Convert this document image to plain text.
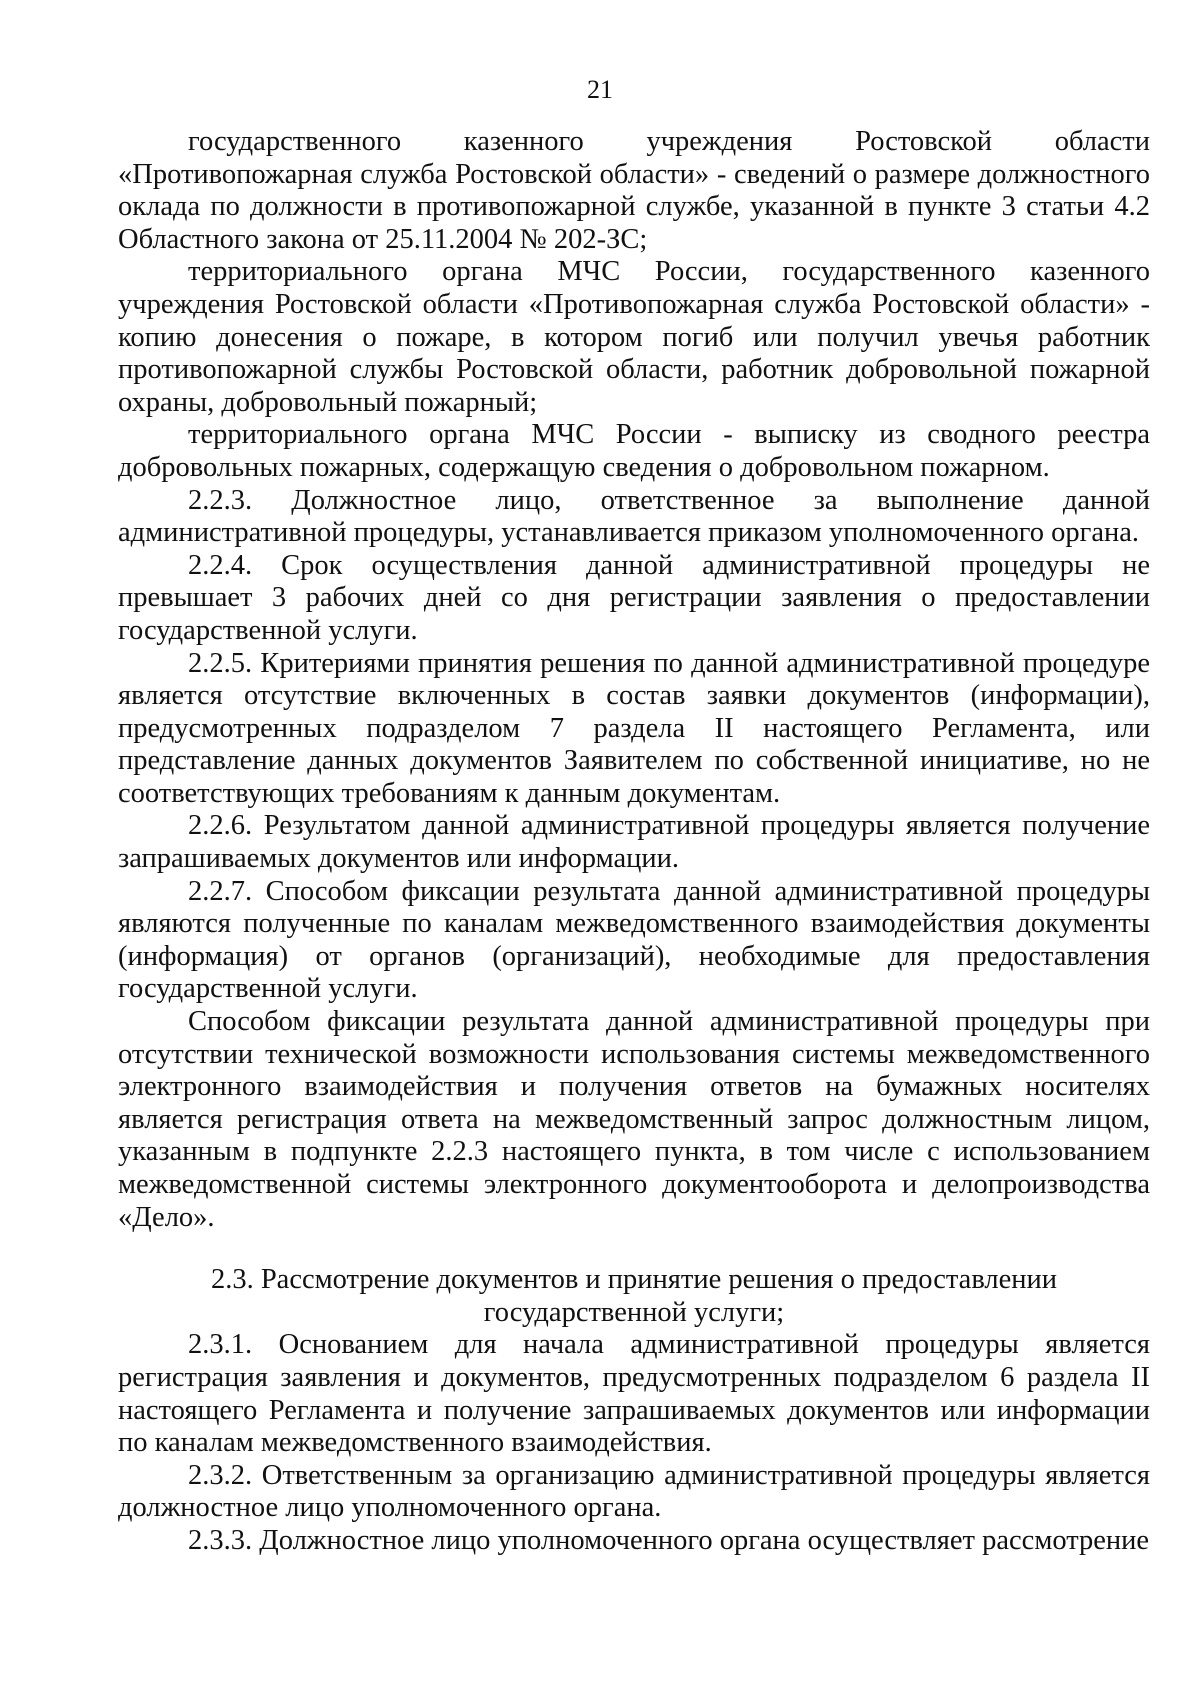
21

государственного казенного учреждения Ростовской области «Противопожарная служба Ростовской области» - сведений о размере должностного оклада по должности в противопожарной службе, указанной в пункте 3 статьи 4.2 Областного закона от 25.11.2004 № 202-ЗС;

территориального органа МЧС России, государственного казенного учреждения Ростовской области «Противопожарная служба Ростовской области» - копию донесения о пожаре, в котором погиб или получил увечья работник противопожарной службы Ростовской области, работник добровольной пожарной охраны, добровольный пожарный;

территориального органа МЧС России - выписку из сводного реестра добровольных пожарных, содержащую сведения о добровольном пожарном.

2.2.3. Должностное лицо, ответственное за выполнение данной административной процедуры, устанавливается приказом уполномоченного органа.

2.2.4. Срок осуществления данной административной процедуры не превышает 3 рабочих дней со дня регистрации заявления о предоставлении государственной услуги.

2.2.5. Критериями принятия решения по данной административной процедуре является отсутствие включенных в состав заявки документов (информации), предусмотренных подразделом 7 раздела II настоящего Регламента, или представление данных документов Заявителем по собственной инициативе, но не соответствующих требованиям к данным документам.

2.2.6. Результатом данной административной процедуры является получение запрашиваемых документов или информации.

2.2.7. Способом фиксации результата данной административной процедуры являются полученные по каналам межведомственного взаимодействия документы (информация) от органов (организаций), необходимые для предоставления государственной услуги.

Способом фиксации результата данной административной процедуры при отсутствии технической возможности использования системы межведомственного электронного взаимодействия и получения ответов на бумажных носителях является регистрация ответа на межведомственный запрос должностным лицом, указанным в подпункте 2.2.3 настоящего пункта, в том числе с использованием межведомственной системы электронного документооборота и делопроизводства «Дело».

2.3. Рассмотрение документов и принятие решения о предоставлении
государственной услуги;

2.3.1. Основанием для начала административной процедуры является регистрация заявления и документов, предусмотренных подразделом 6 раздела II настоящего Регламента и получение запрашиваемых документов или информации по каналам межведомственного взаимодействия.

2.3.2. Ответственным за организацию административной процедуры является должностное лицо уполномоченного органа.

2.3.3. Должностное лицо уполномоченного органа осуществляет рассмотрение
